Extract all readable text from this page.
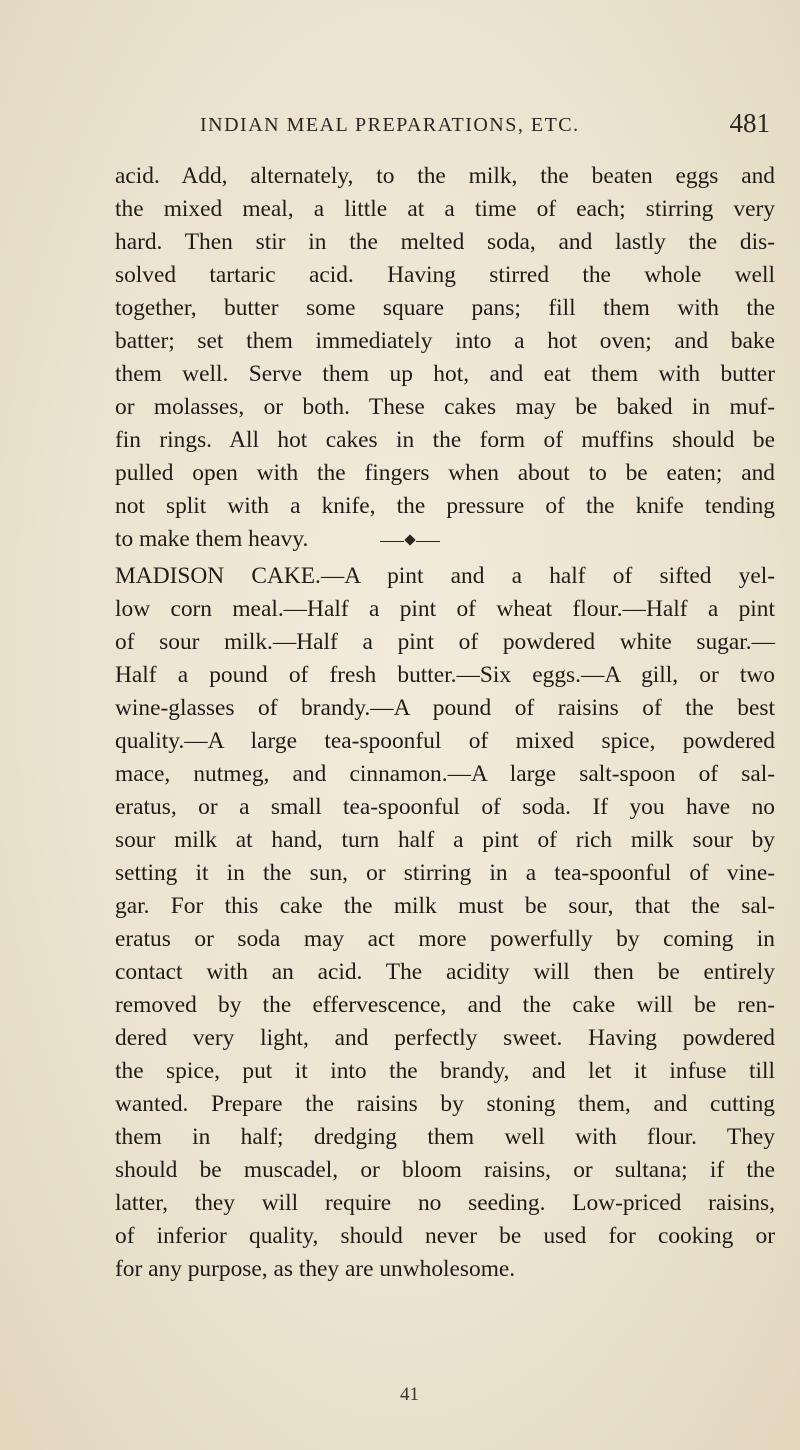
INDIAN MEAL PREPARATIONS, ETC.	481
acid. Add, alternately, to the milk, the beaten eggs and
the mixed meal, a little at a time of each; stirring very
hard. Then stir in the melted soda, and lastly the dis-
solved tartaric acid. Having stirred the whole well
together, butter some square pans; fill them with the
batter; set them immediately into a hot oven; and bake
them well. Serve them up hot, and eat them with butter
or molasses, or both. These cakes may be baked in muf-
fin rings. All hot cakes in the form of muffins should be
pulled open with the fingers when about to be eaten; and
not split with a knife, the pressure of the knife tending
to make them heavy.
MADISON CAKE.—A pint and a half of sifted yel-
low corn meal.—Half a pint of wheat flour.—Half a pint
of sour milk.—Half a pint of powdered white sugar.—
Half a pound of fresh butter.—Six eggs.—A gill, or two
wine-glasses of brandy.—A pound of raisins of the best
quality.—A large tea-spoonful of mixed spice, powdered
mace, nutmeg, and cinnamon.—A large salt-spoon of sal-
eratus, or a small tea-spoonful of soda. If you have no
sour milk at hand, turn half a pint of rich milk sour by
setting it in the sun, or stirring in a tea-spoonful of vine-
gar. For this cake the milk must be sour, that the sal-
eratus or soda may act more powerfully by coming in
contact with an acid. The acidity will then be entirely
removed by the effervescence, and the cake will be ren-
dered very light, and perfectly sweet. Having powdered
the spice, put it into the brandy, and let it infuse till
wanted. Prepare the raisins by stoning them, and cutting
them in half; dredging them well with flour. They
should be muscadel, or bloom raisins, or sultana; if the
latter, they will require no seeding. Low-priced raisins,
of inferior quality, should never be used for cooking or
for any purpose, as they are unwholesome.
41
